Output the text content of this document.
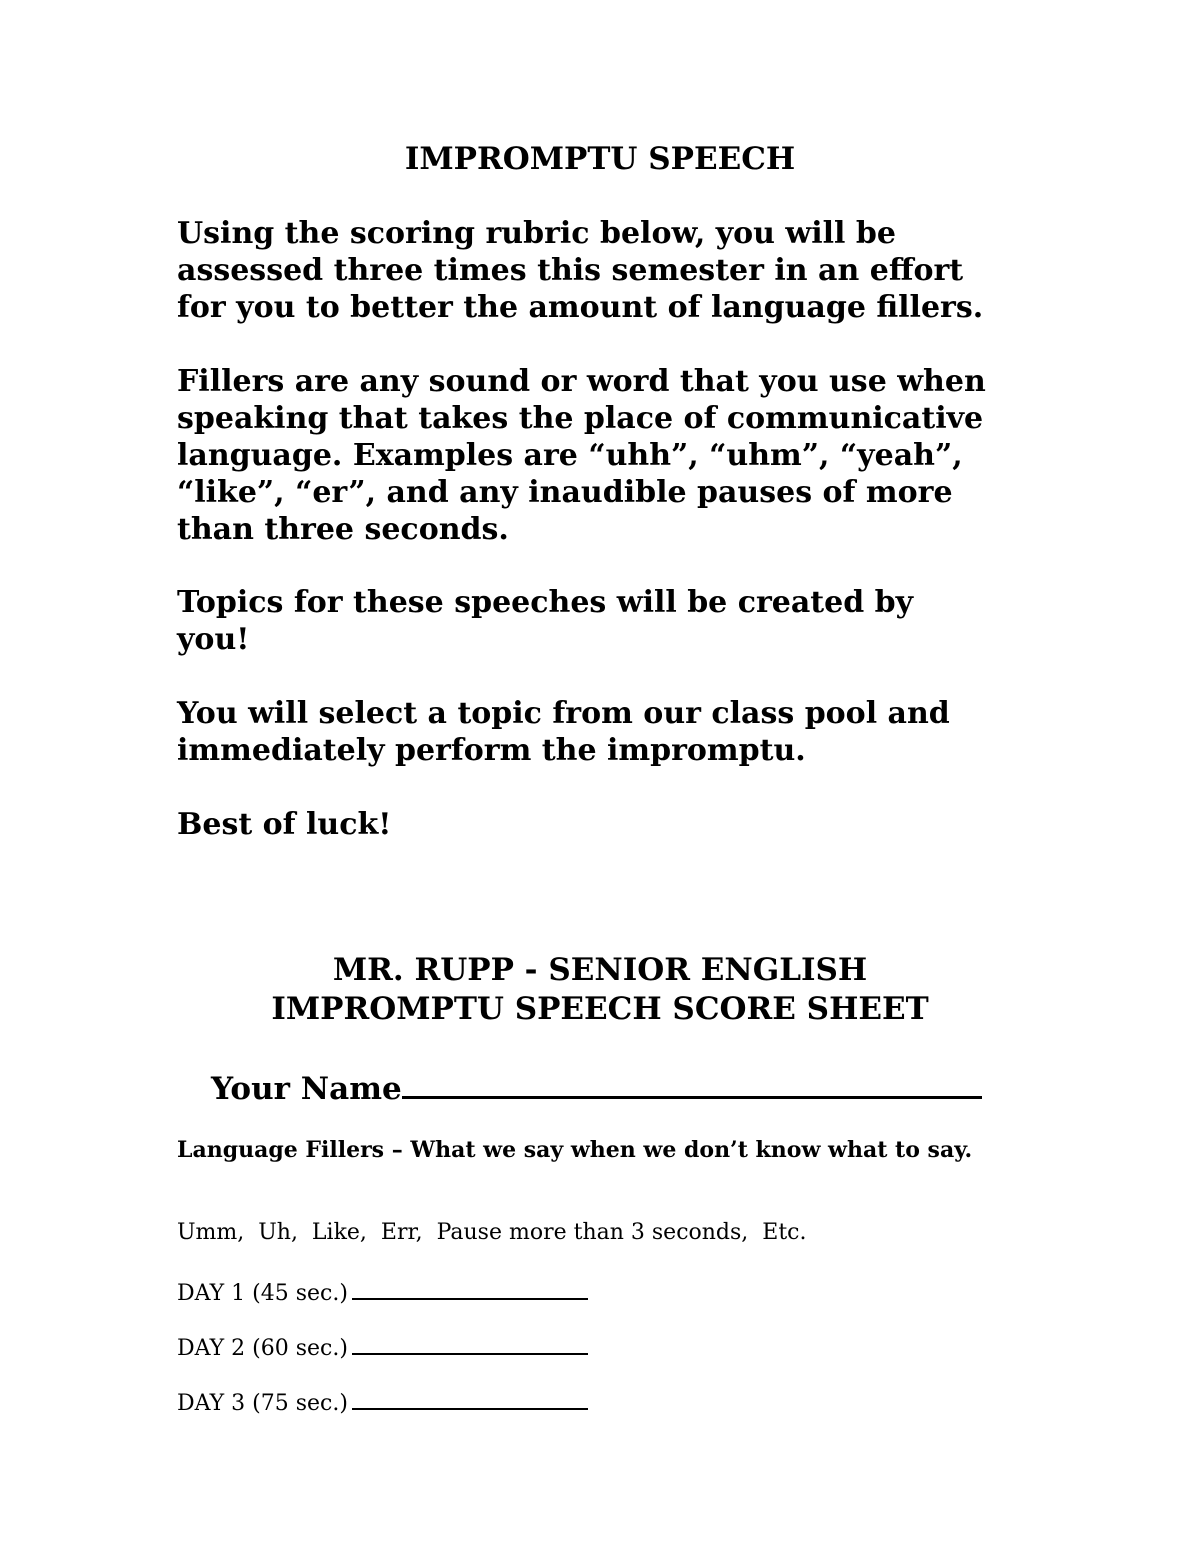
IMPROMPTU SPEECH
Using the scoring rubric below, you will be
assessed three times this semester in an effort
for you to better the amount of language fillers.
Fillers are any sound or word that you use when
speaking that takes the place of communicative
language. Examples are “uhh”, “uhm”, “yeah”,
“like”, “er”, and any inaudible pauses of more
than three seconds.
Topics for these speeches will be created by
you!
You will select a topic from our class pool and
immediately perform the impromptu.
Best of luck!
MR. RUPP - SENIOR ENGLISH
IMPROMPTU SPEECH SCORE SHEET
Your Name
Language Fillers – What we say when we don’t know what to say.
Umm,  Uh,  Like,  Err,  Pause more than 3 seconds,  Etc.
DAY 1 (45 sec.)
DAY 2 (60 sec.)
DAY 3 (75 sec.)
